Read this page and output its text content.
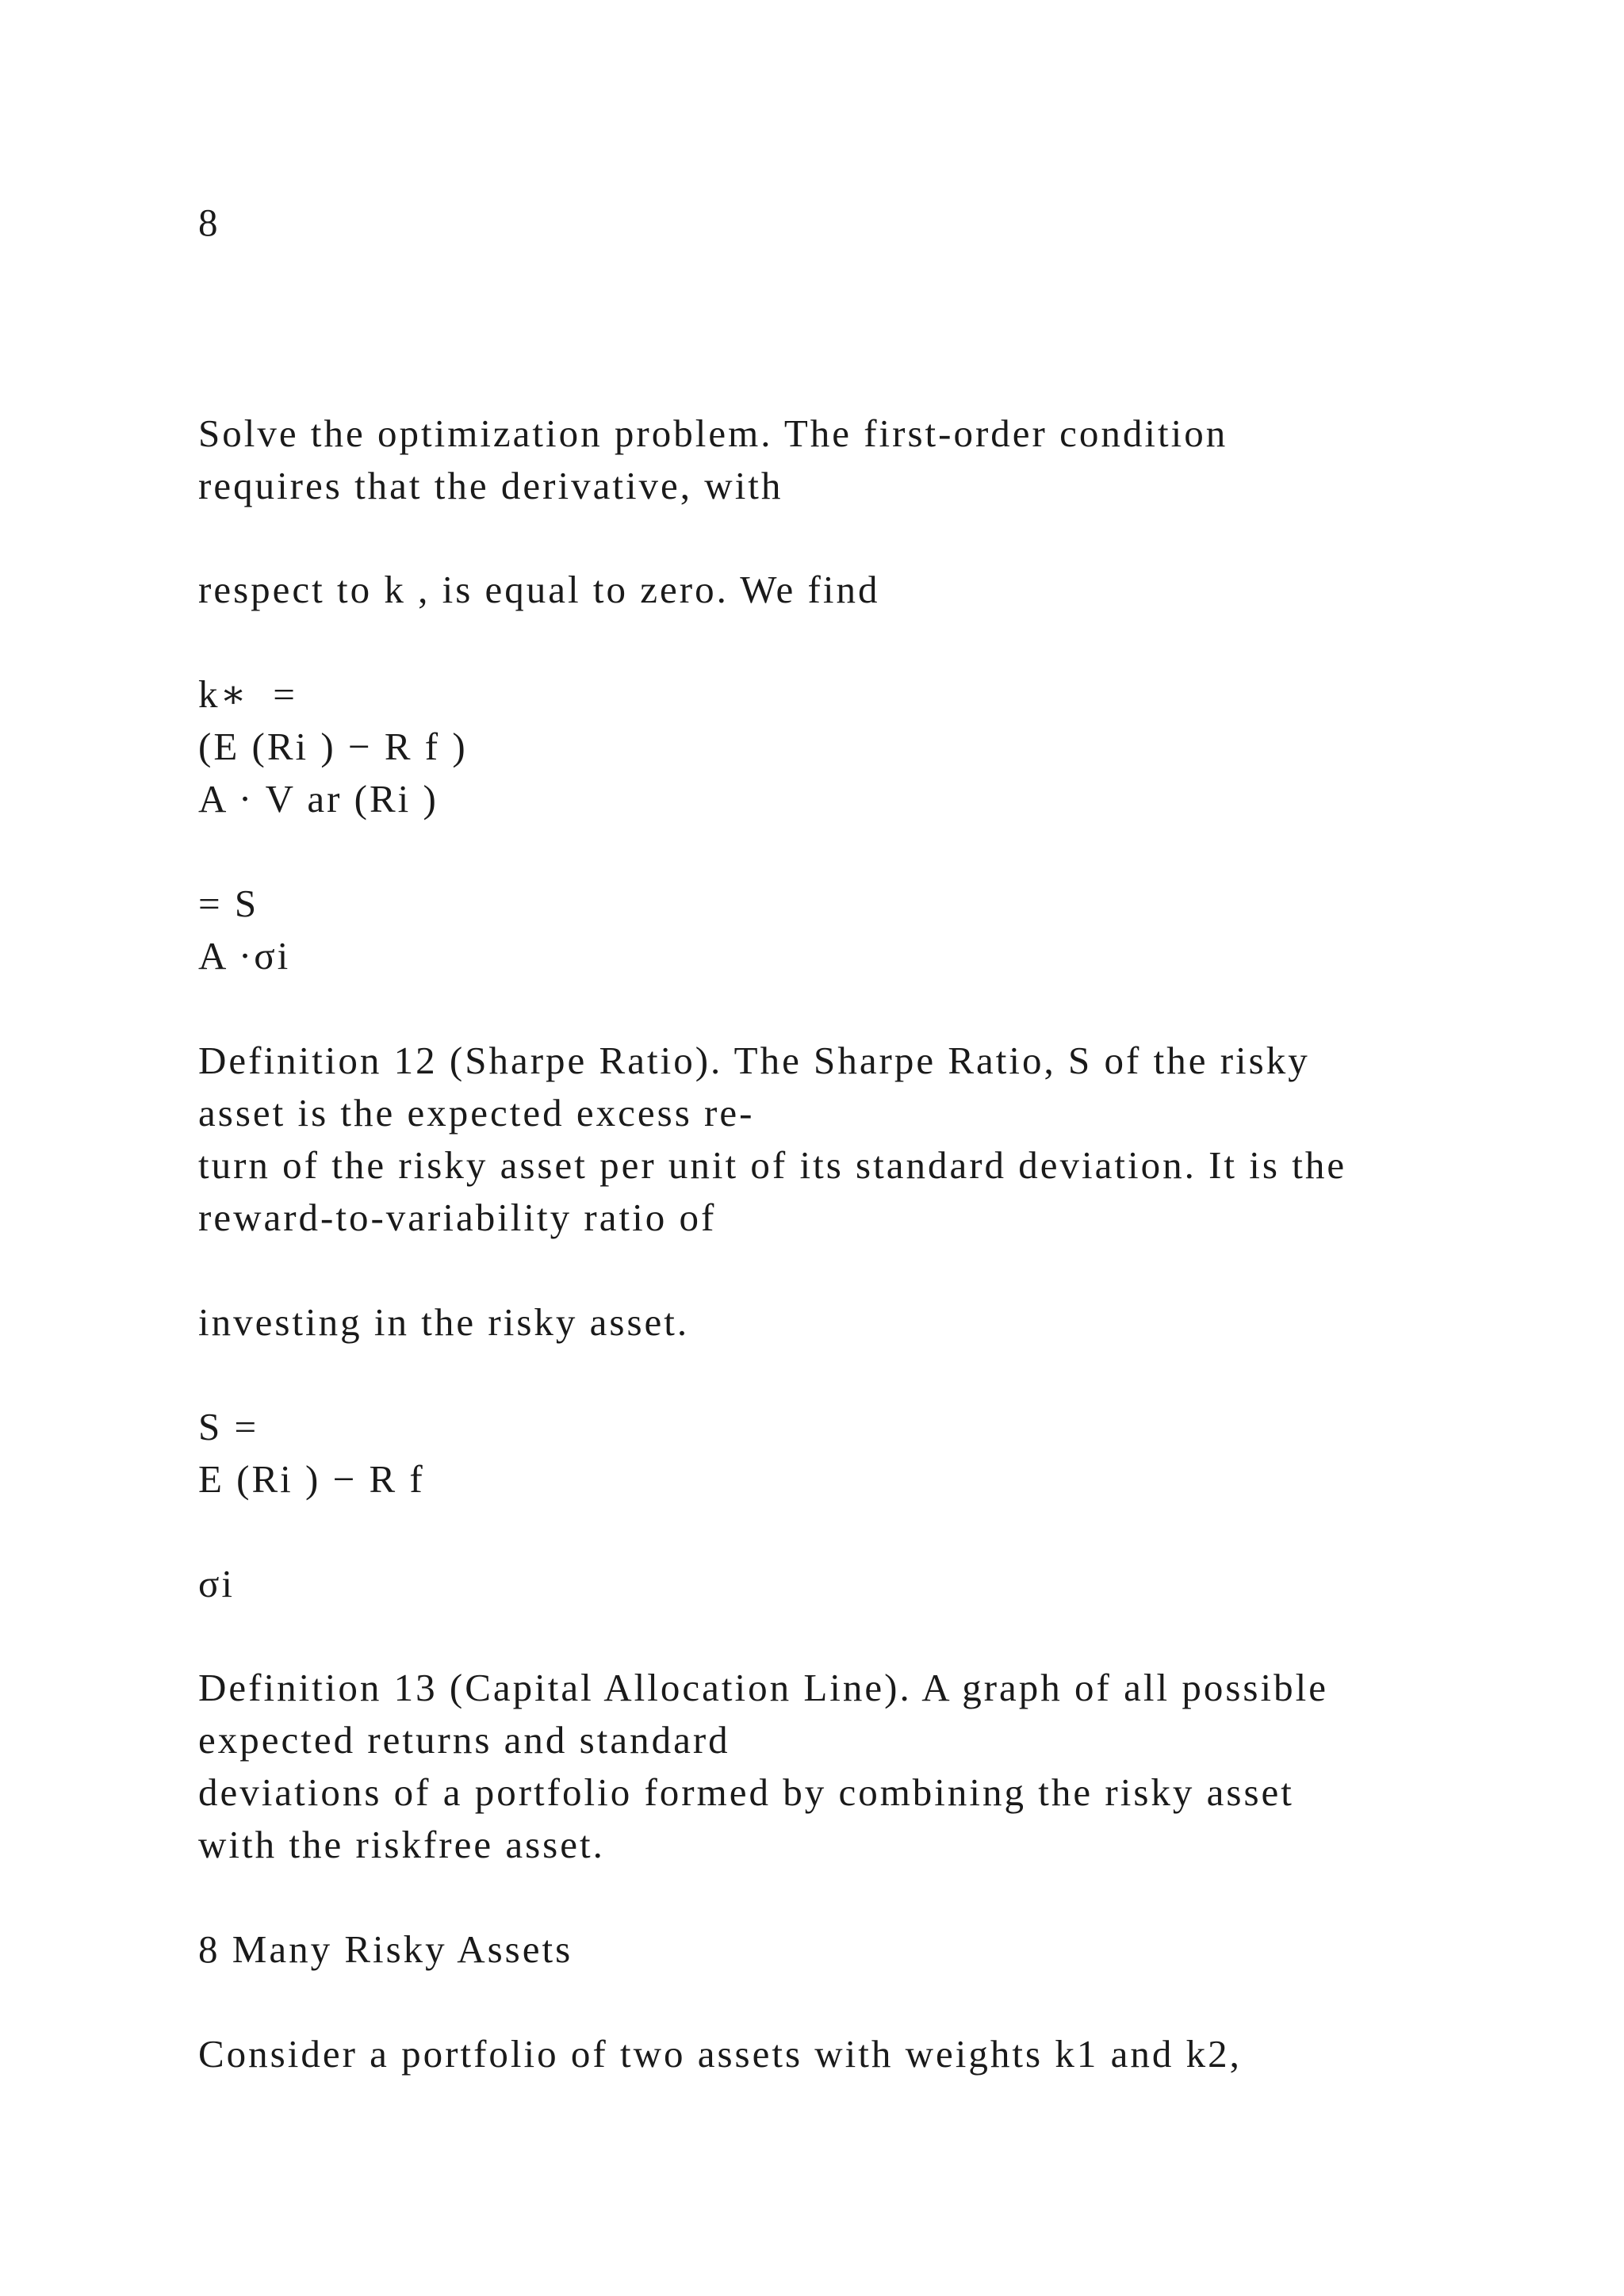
8
Solve the optimization problem. The first-order condition
requires that the derivative, with
respect to k , is equal to zero. We find
k∗  =
(E (Ri ) − R f )
A · V ar (Ri )
= S
A ·σi
Definition 12 (Sharpe Ratio). The Sharpe Ratio, S of the risky
asset is the expected excess re-
turn of the risky asset per unit of its standard deviation. It is the
reward-to-variability ratio of
investing in the risky asset.
S =
E (Ri ) − R f
σi
Definition 13 (Capital Allocation Line). A graph of all possible
expected returns and standard
deviations of a portfolio formed by combining the risky asset
with the riskfree asset.
8 Many Risky Assets
Consider a portfolio of two assets with weights k1 and k2,
